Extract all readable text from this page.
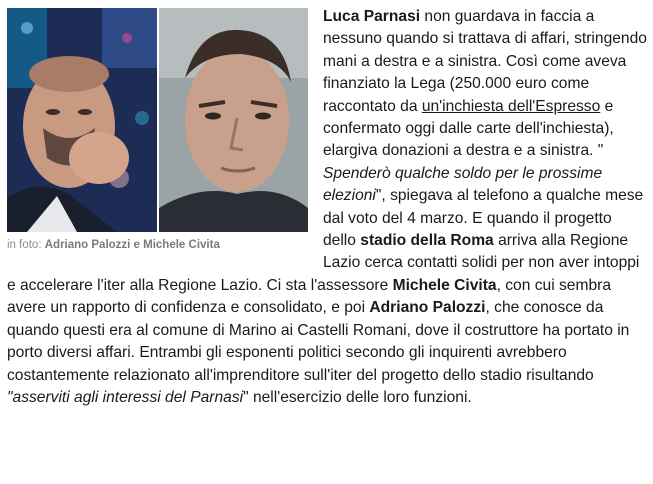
in foto: Adriano Palozzi e Michele Civita
Luca Parnasi non guardava in faccia a nessuno quando si trattava di affari, stringendo mani a destra e a sinistra. Così come aveva finanziato la Lega (250.000 euro come raccontato da un'inchiesta dell'Espresso e confermato oggi dalle carte dell'inchiesta), elargiva donazioni a destra e a sinistra. " Spenderò qualche soldo per le prossime elezioni", spiegava al telefono a qualche mese dal voto del 4 marzo. E quando il progetto dello stadio della Roma arriva alla Regione Lazio cerca contatti solidi per non aver intoppi e accelerare l'iter alla Regione Lazio. Ci sta l'assessore Michele Civita, con cui sembra avere un rapporto di confidenza e consolidato, e poi Adriano Palozzi, che conosce da quando questi era al comune di Marino ai Castelli Romani, dove il costruttore ha portato in porto diversi affari. Entrambi gli esponenti politici secondo gli inquirenti avrebbero costantemente relazionato all'imprenditore sull'iter del progetto dello stadio risultando "asserviti agli interessi del Parnasi" nell'esercizio delle loro funzioni.
